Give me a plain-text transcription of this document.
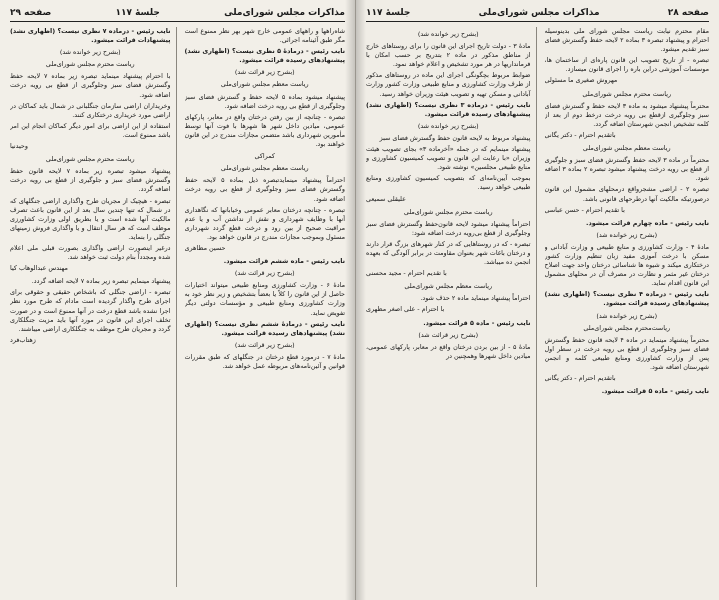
مذاکرات مجلس شورای‌ملی
جلسهٔ ۱۱۷
صفحه ۲۹

شاه‌راهها و راههای عمومی خارج شهر بهر نظر ممنوع است مگر طبق آئینامه اجرائی.

نایب رئیس - درمادهٔ ۵ نظری نیست؟ (اظهاری نشد) پیشنهادهای رسیده قرائت میشود.

(بشرح زیر قرائت شد)

ریاست معظم مجلس شورای‌ملی

پیشنهاد میشود بماده ۵ لایحه حفظ و گسترش فضای سبز وجلوگیری از قطع بی رویه درخت اضافه شود.

تبصره - چنانچه از بین رفتن درختان واقع در معابر، پارکهای عمومی، میادین داخل شهر ها شهرها با فوت آنها توسط مأمورین شهرداری باشد متضمن مجازات مندرج در این قانون خواهند بود.

کمراکی

ریاست معظم مجلس شورای‌ملی

احتراماً پیشنهاد مینمایدتبصره ذیل بماده ۵ لایحه حفظ وگسترش فضای سبز وجلوگیری از قطع بی رویه درخت اضافه شود.

تبصره - چنانچه درختان معابر عمومی وخیابانها که نگاهداری آنها با وظایف شهرداری و نقش از نداشتن آب و یا عدم مراقبت صحیح از بین رود و درخت قطع گردد شهرداری مسئول وبموجب مجازات مندرج در قانون خواهد بود.

حسین مظاهری

نایب رئیس - ماده ششم قرائت میشود.

(بشرح زیر قرائت شد)

مادهٔ ۶ - وزارت کشاورزی ومنابع طبیعی میتواند اختیارات حاصل از این قانون را کلاً یا بعضاً بتشخیص و زیر نظر خود به وزارت کشاورزی ومنابع طبیعی و مؤسسات دولتی دیگر تفویض نماید.

نایب رئیس - درمادهٔ ششم نظری نیست؟ (اظهاری نشد) پیشنهادهای رسیده قرائت میشود.

(بشرح زیر قرائت شد)

مادهٔ ۷ - درمورد قطع درختان در جنگلهای که طبق مقررات قوانین و آئین‌نامه‌های مربوطه عمل خواهد شد.

نایب رئیس - درماده ۷ نظری نیست؟ (اظهاری نشد) پیشنهادات قرائت میشود.

(بشرح زیر خوانده شد)

ریاست محترم مجلس شورای‌ملی

با احترام پیشنهاد مینماید تبصره زیر بماده ۷ لایحه حفظ وگسترش فضای سبز وجلوگیری از قطع بی رویه درخت اضافه شود.

وخریداران اراضی سازمان جنگلبانی در شمال باید کماکان در اراضی مورد خریداری درختکاری کنند.

استفاده از این اراضی برای امور دیگر کماکان انجام این امر باشد ممنوع است.

وحیدنیا

ریاست محترم مجلس شورای‌ملی

پیشنهاد میشود تبصره زیر بماده ۷ لایحه قانون حفظ وگسترش فضای سبز و جلوگیری از قطع بی رویه درخت اضافه گردد.

تبصره - هیچیک از مجریان طرح واگذاری اراضی جنگلهای که در شمال که تنها چندین سال بعد از این قانون باعث تصرف مالکیت آنها شده است و یا بطریق اولی وزارت کشاورزی موظف است که هر سال انتقال و یا واگذاری فروش زمینهای جنگلی را بنماید.

درغیر اینصورت اراضی واگذاری بصورت قبلی ملی اعلام شده ومجدداً بنام دولت ثبت خواهد شد.

مهندس عبدالوهاب کیا

پیشنهاد مینمایم تبصره زیر بماده ۷ لایحه اضافه گردد.

تبصره - اراضی جنگلی که باشخاص حقیقی و حقوقی برای اجرای طرح واگذار گردیده است مادام که طرح مورد نظر اجرا نشده باشد قطع درخت در آنها ممنوع است و در صورت تخلف اجرای این قانون در مورد آنها باید مزیت جنگلکاری گردد و مجریان طرح موظف به جنگلکاری اراضی میباشند.

زهتاب‌فرد

صفحه ۲۸
مذاکرات مجلس شورای‌ملی
جلسهٔ ۱۱۷

مقام محترم نیابت ریاست مجلس شورای ملی بدینوسیله احترام و پیشنهاد تبصره ۳ بماده ۲ لایحه حفظ وگسترش فضای سبز تقدیم میشود.

تبصره - از تاریخ تصویب این قانون پاره‌ای از ساختمان ها، موسسات آموزشی دراین باره را اجرای قانون میسازد.

مهروش صغیری ما مسئولی

ریاست محترم مجلس شورای‌ملی

محترماً پیشنهاد میشود به ماده ۳ لایحه حفظ و گسترش فضای سبز وجلوگیری ازقطع بی رویه درخت درخط دوم از بعد از کلمه تشخیص انجمن شهرستان اضافه گردد.

باتقدیم احترام - دکتر یگانی

ریاست معظم مجلس شورای‌ملی

محترماً در ماده ۳ لایحه حفظ وگسترش فضای سبز و جلوگیری از قطع بی رویه درخت پیشنهاد میشود تبصره ۲ بماده ۳ اضافه شود.

تبصره ۲ - اراضی مشجرواقع درمحلهای مشمول این قانون درصورتیکه مالکیت آنها درطرحهای قانونی باشد.

با تقدیم احترام - حسن عباسی

نایب رئیس - ماده چهارم قرائت میشود.

(بشرح زیر خوانده شد)

مادهٔ ۴ - وزارت کشاورزی و منابع طبیعی و وزارت آبادانی و مسکن با درخت آموزی مفید زبان تنظیم وزارت کشور درختکاری میکند و شیوه ها شناسائی درختان واحد جهت اصلاح درختان غیر مثمر و نظارت در مصرف آن در محلهای مشمول این قانون اقدام نماید.

نایب رئیس - درماده ۴ نظری نیست؟ (اظهاری نشد) پیشنهادهای رسیده قرائت میشود.

(بشرح زیر خوانده شد)

ریاست‌محترم مجلس شورای‌ملی

محترماً پیشنهاد مینماید در ماده ۴ لایحه قانون حفظ وگسترش فضای سبز وجلوگیری از قطع بی رویه درخت در سطر اول پس از وزارت کشاورزی ومنابع طبیعی کلمه و انجمن شهرستان اضافه شود.

باتقدیم احترام - دکتر یگانی

نایب رئیس - ماده ۵ قرائت میشود.

(بشرح زیر خوانده شد)

مادهٔ ۳ - دولت تاریخ اجرای این قانون را برای روستاهای خارج از مناطق مذکور در ماده ۲ بتدریج بر حسب امکان با فرمانداریها در هر مورد تشخیص و اعلام خواهد نمود.

ضوابط مربوط بچگونگی اجرای این ماده در روستاهای مذکور از طرف وزارت کشاورزی و منابع طبیعی وزارت کشور وزارت آبادانی و مسکن تهیه و تصویب هیئت وزیران خواهد رسید.

نایب رئیس - درماده ۳ نظری نیست؟ (اظهاری نشد) پیشنهادهای رسیده قرائت میشود.

(بشرح زیر خوانده شد)

پیشنهاد مربوط به لایحه قانون حفظ وگسترش فضای سبز

پیشنهاد مینمایم که در جمله «آخرماده ۳» بجای تصویب هیئت وزیران «با رعایت این قانون و تصویب کمیسیون کشاورزی و منابع طبیعی مجلسین» نوشته شود.

بموجب آیین‌نامه‌ای که بتصویب کمیسیون کشاورزی ومنابع طبیعی خواهد رسید.

علیقلی سمیعی

ریاست محترم مجلس شورای‌ملی

احتراماً پیشنهاد میشود لایحه قانون‌حفظ وگسترش فضای سبز وجلوگیری از قطع بی‌رویه درخت اضافه شود:

تبصره - که در روستاهایی که در کنار شهرهای بزرگ قرار دارند و درختان باغات شهر بعنوان مقاومت در برابر آلودگی که بعهده انجمن ده میباشد.

با تقدیم احترام - مجید محسنی

ریاست معظم مجلس شورای‌ملی

احتراماً پیشنهاد مینماید ماده ۲ حذف شود.

با احترام - علی اصغر مظهری

نایب رئیس - ماده ۵ قرائت میشود.

(بشرح زیر قرائت شد)

مادهٔ ۵ - از بین بردن درختان واقع در معابر، پارکهای عمومی، میادین داخل شهرها وهمچنین در
